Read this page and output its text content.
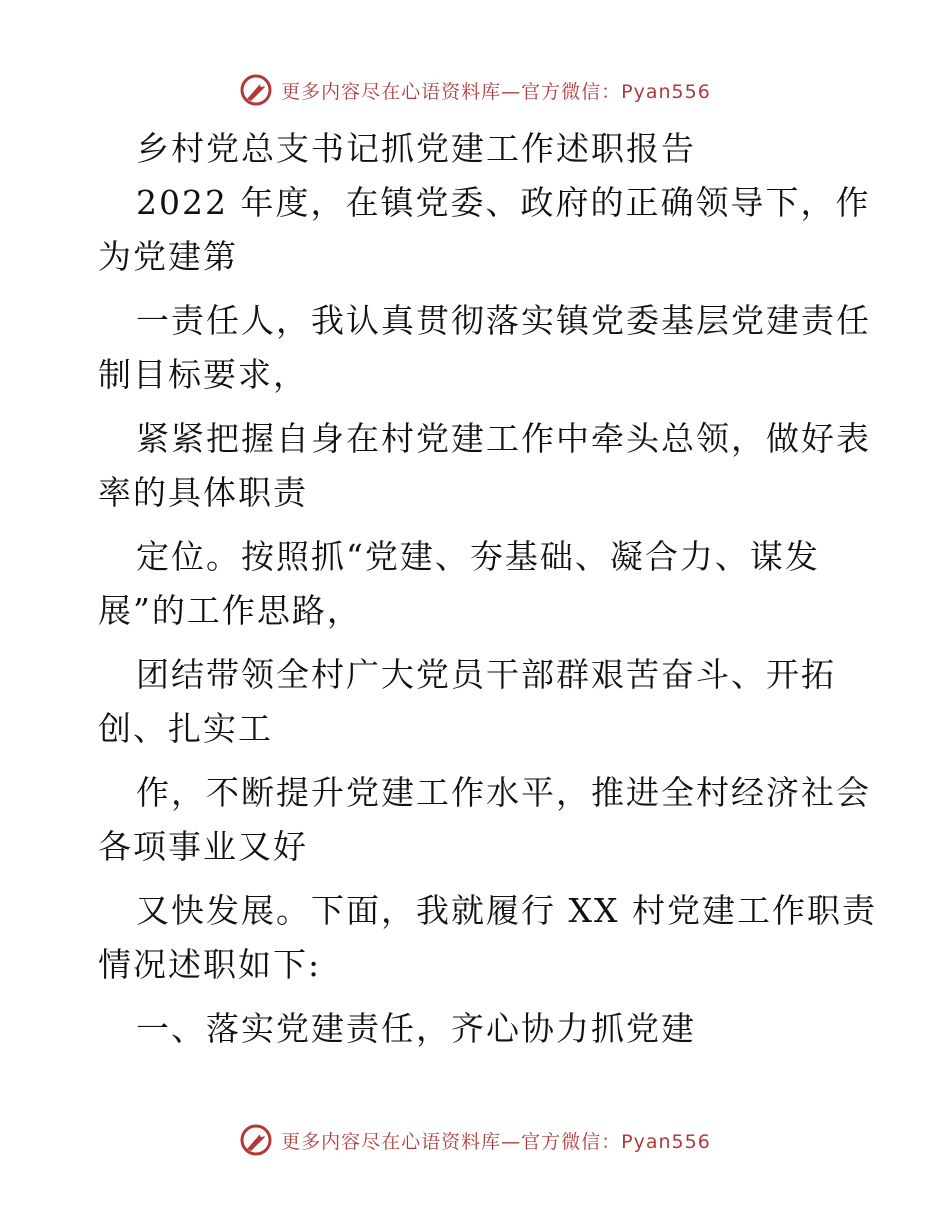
更多内容尽在心语资料库—官方微信：Pyan556
乡村党总支书记抓党建工作述职报告
2022 年度，在镇党委、政府的正确领导下，作
为党建第
一责任人，我认真贯彻落实镇党委基层党建责任
制目标要求，
紧紧把握自身在村党建工作中牵头总领，做好表
率的具体职责
定位。按照抓“党建、夯基础、凝合力、谋发
展”的工作思路，
团结带领全村广大党员干部群艰苦奋斗、开拓
创、扎实工
作，不断提升党建工作水平，推进全村经济社会
各项事业又好
又快发展。下面，我就履行 XX 村党建工作职责
情况述职如下:
一、落实党建责任，齐心协力抓党建
更多内容尽在心语资料库—官方微信：Pyan556
